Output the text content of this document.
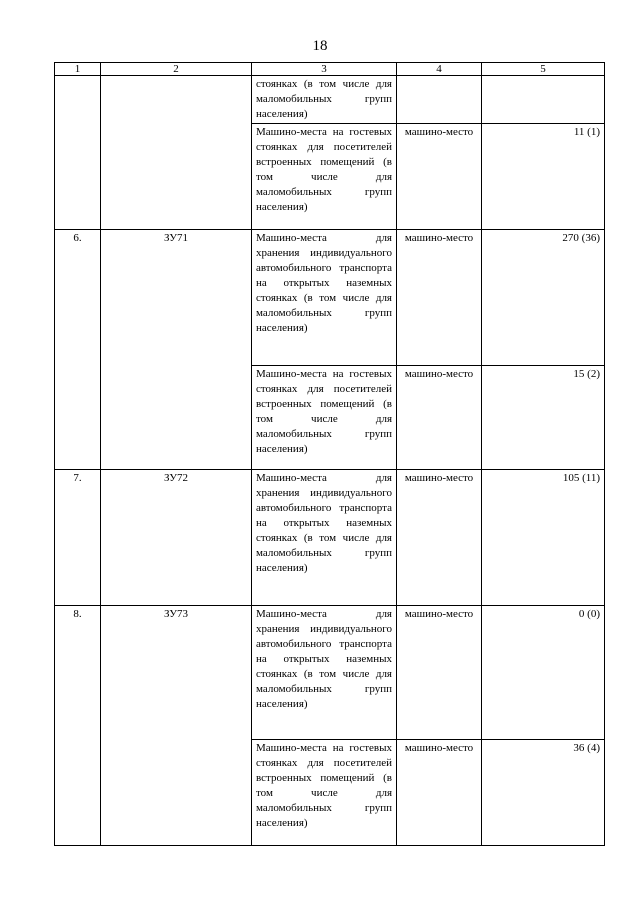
18
1	2	3	4	5
		стоянках (в том числе для маломобильных групп населения)		
		Машино-места на гостевых стоянках для посетителей встроенных помещений (в том числе для маломобильных групп населения)	машино-место	11 (1)
6.	ЗУ71	Машино-места для хранения индивидуального автомобильного транспорта на открытых наземных стоянках (в том числе для маломобильных групп населения)	машино-место	270 (36)
		Машино-места на гостевых стоянках для посетителей встроенных помещений (в том числе для маломобильных групп населения)	машино-место	15 (2)
7.	ЗУ72	Машино-места для хранения индивидуального автомобильного транспорта на открытых наземных стоянках (в том числе для маломобильных групп населения)	машино-место	105 (11)
8.	ЗУ73	Машино-места для хранения индивидуального автомобильного транспорта на открытых наземных стоянках (в том числе для маломобильных групп населения)	машино-место	0 (0)
		Машино-места на гостевых стоянках для посетителей встроенных помещений (в том числе для маломобильных групп населения)	машино-место	36 (4)
